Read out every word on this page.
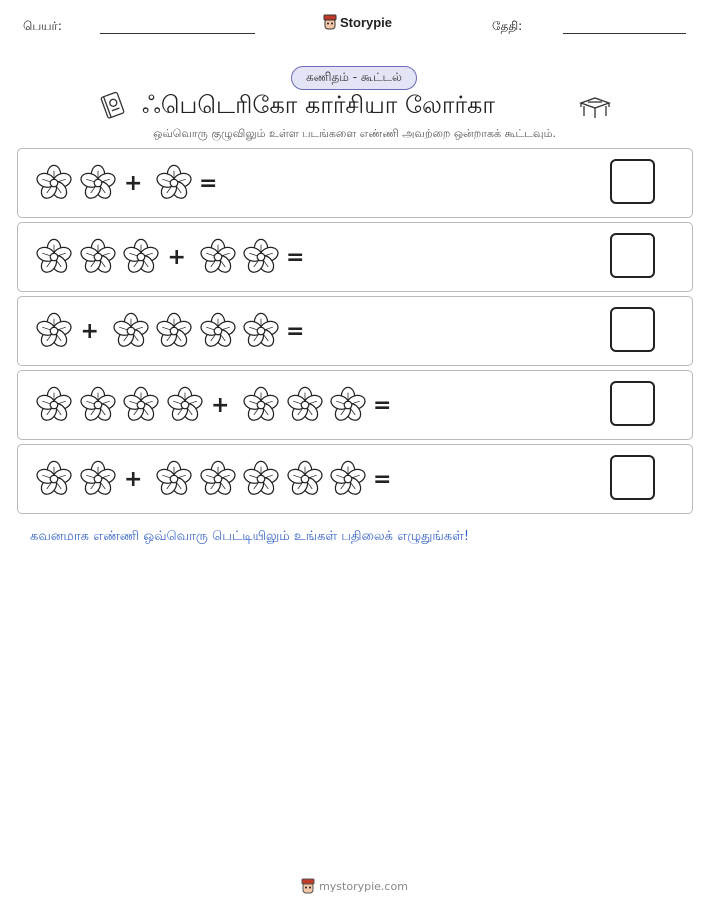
பெயர்:	Storypie	தேதி:
கணிதம் - கூட்டல்
ஃபெடெரிகோ கார்சியா லோர்கா
ஒவ்வொரு குழுவிலும் உள்ள படங்களை எண்ணி அவற்றை ஒன்றாகக் கூட்டவும்.
+	=
+	=
+	=
+	=
+	=
கவனமாக எண்ணி ஒவ்வொரு பெட்டியிலும் உங்கள் பதிலைக் எழுதுங்கள்!
mystorypie.com
